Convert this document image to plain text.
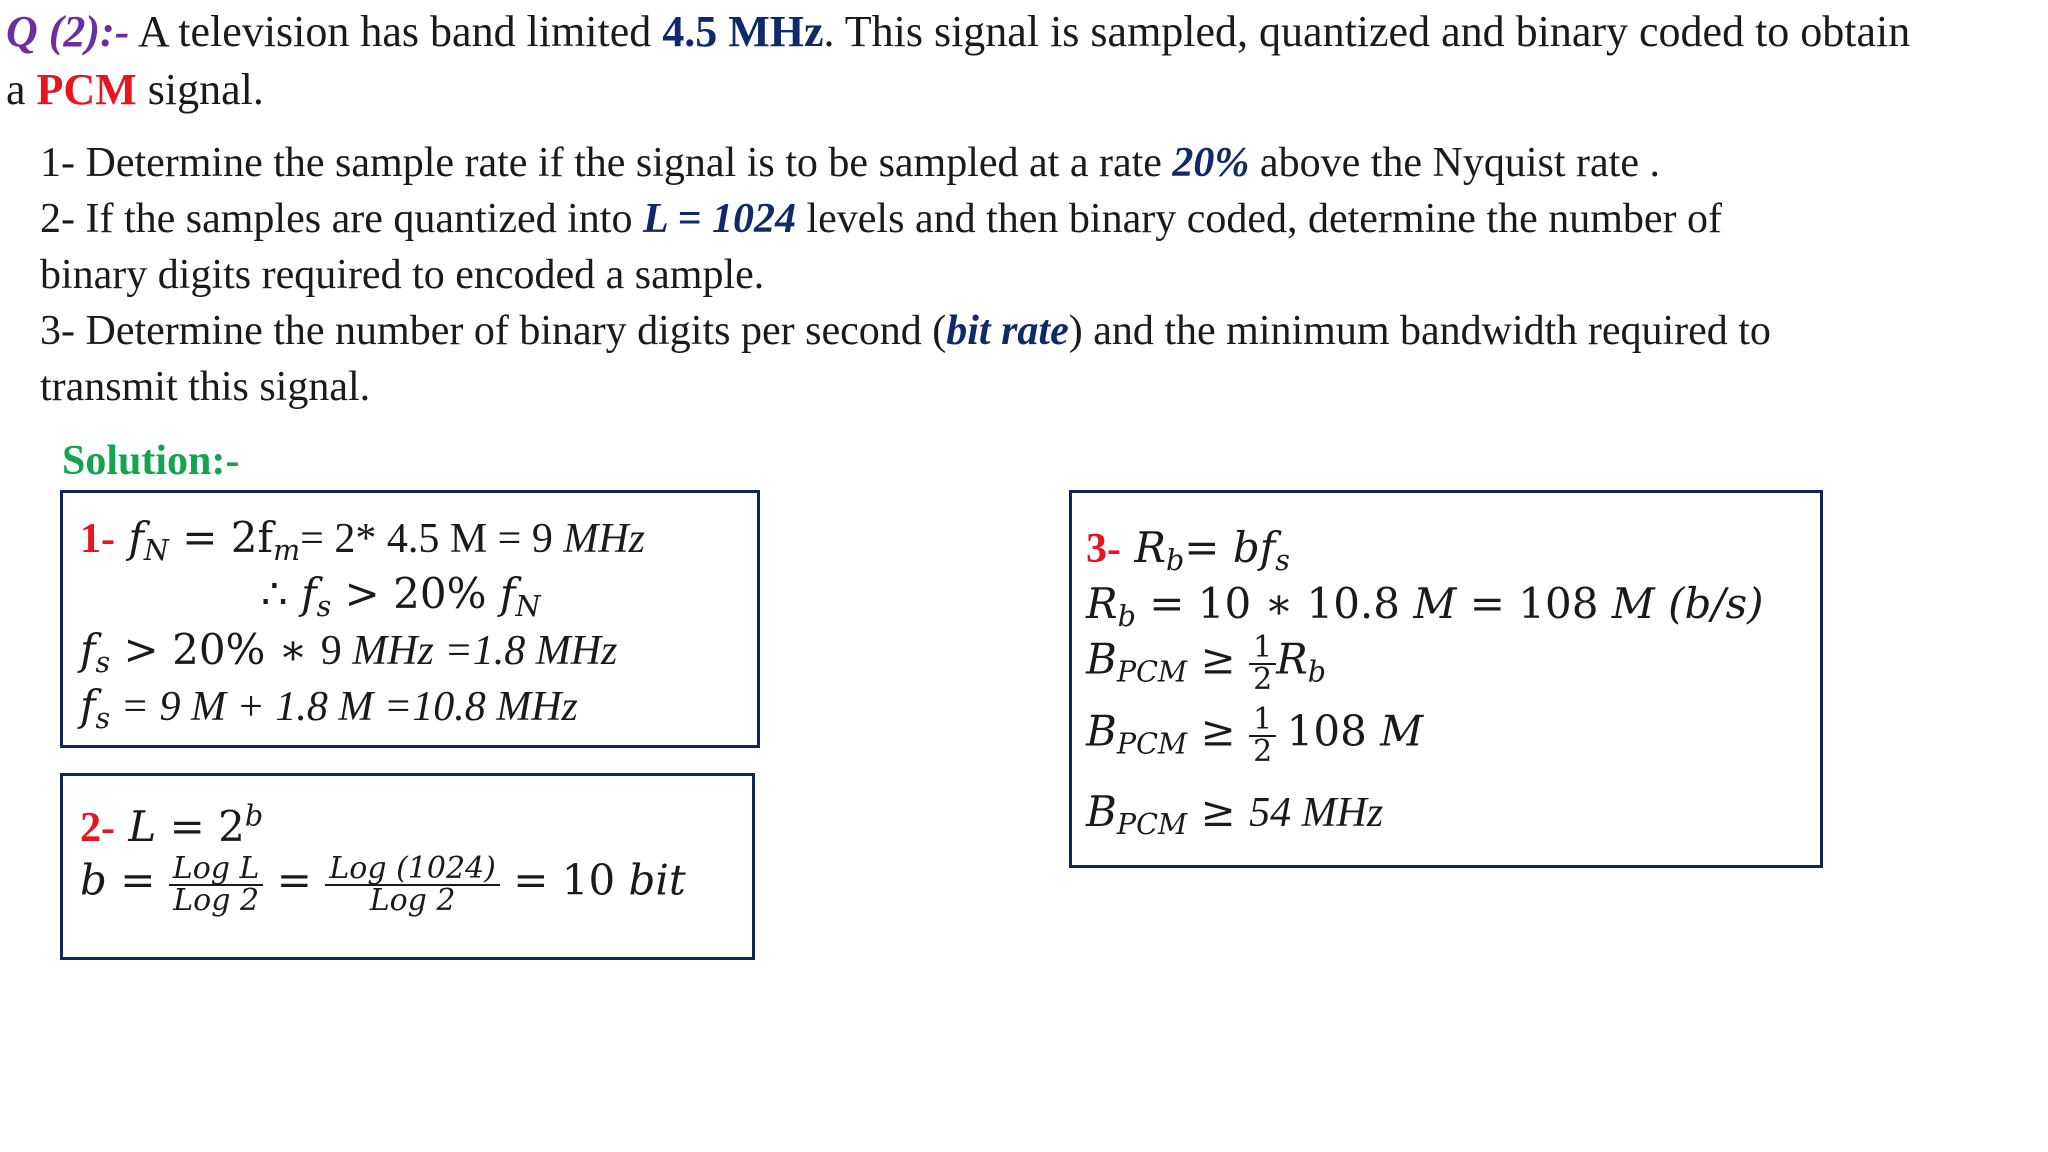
Q (2):- A television has band limited 4.5 MHz. This signal is sampled, quantized and binary coded to obtain
a PCM signal.
1- Determine the sample rate if the signal is to be sampled at a rate 20% above the Nyquist rate .
2- If the samples are quantized into L = 1024 levels and then binary coded, determine the number of
binary digits required to encoded a sample.
3- Determine the number of binary digits per second (bit rate) and the minimum bandwidth required to
transmit this signal.
Solution:-
1- $f_N = 2f_m= 2*$ 4.5 M = 9 MHz
∴ $f_s > 20\%$ $f_N$
$f_s > 20\%$ ∗ 9 MHz =1.8 MHz
$f_s = 9$ M + 1.8 M =10.8 MHz
2- $L = 2^b$
$b = \frac{\text{Log L}}{\text{Log 2}} = \frac{\text{Log (1024)}}{\text{Log 2}} = 10$ bit
3- $R_b= bf_s$
$R_b = 10$ ∗ 10.8 M = 108 M (b/s)
$B_{PCM} \ge \frac{1}{2} R_b$
$B_{PCM} \ge \frac{1}{2} 108$ M
$B_{PCM} \ge 54$ MHz
